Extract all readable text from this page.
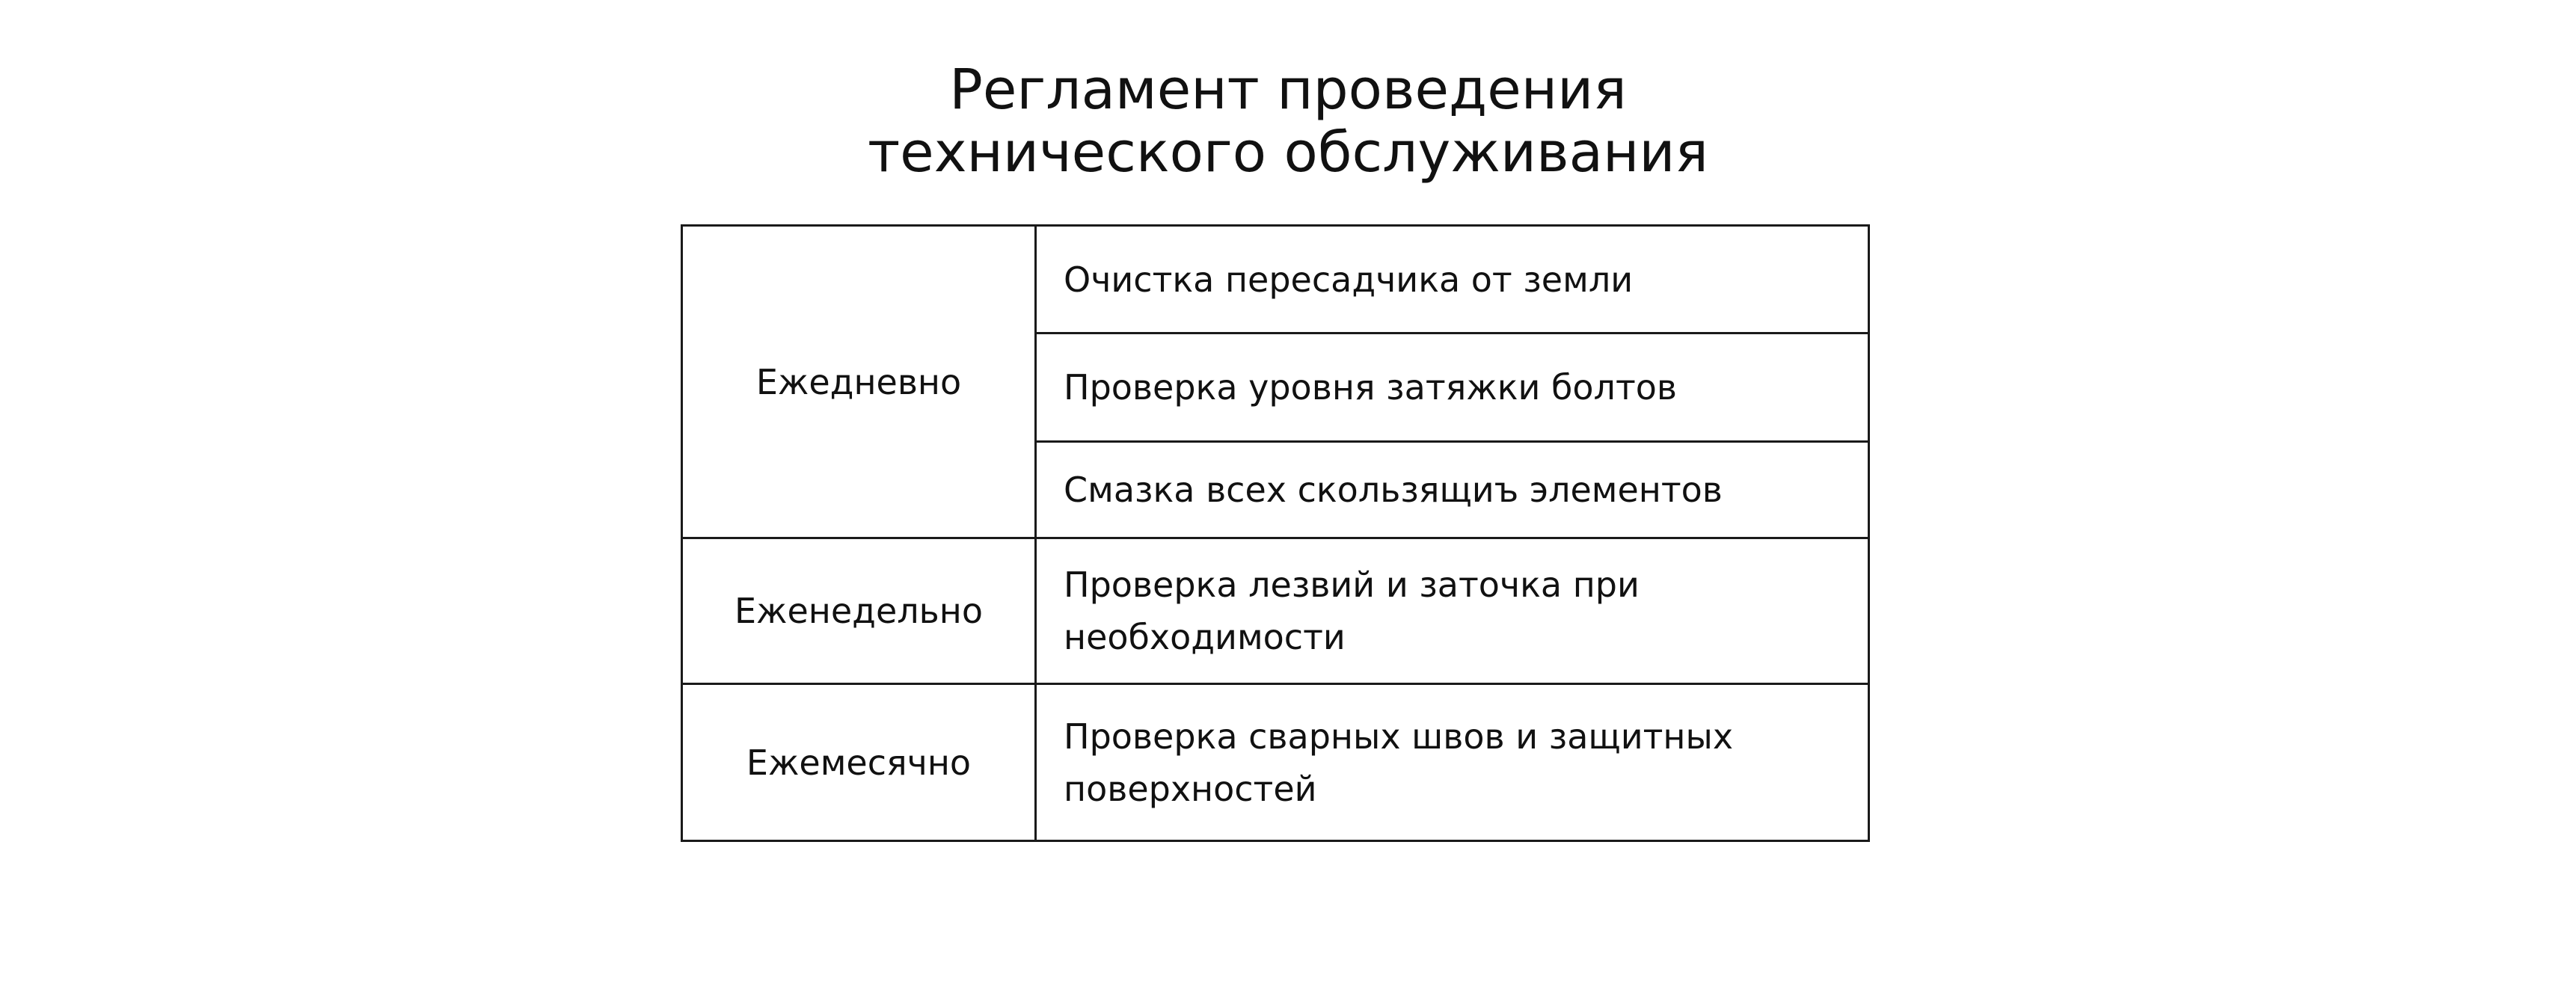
Регламент проведения
технического обслуживания
Ежедневно	Очистка пересадчика от земли
	Проверка уровня затяжки болтов
	Смазка всех скользящиъ элементов
Еженедельно	Проверка лезвий и заточка при необходимости
Ежемесячно	Проверка сварных швов и защитных поверхностей
